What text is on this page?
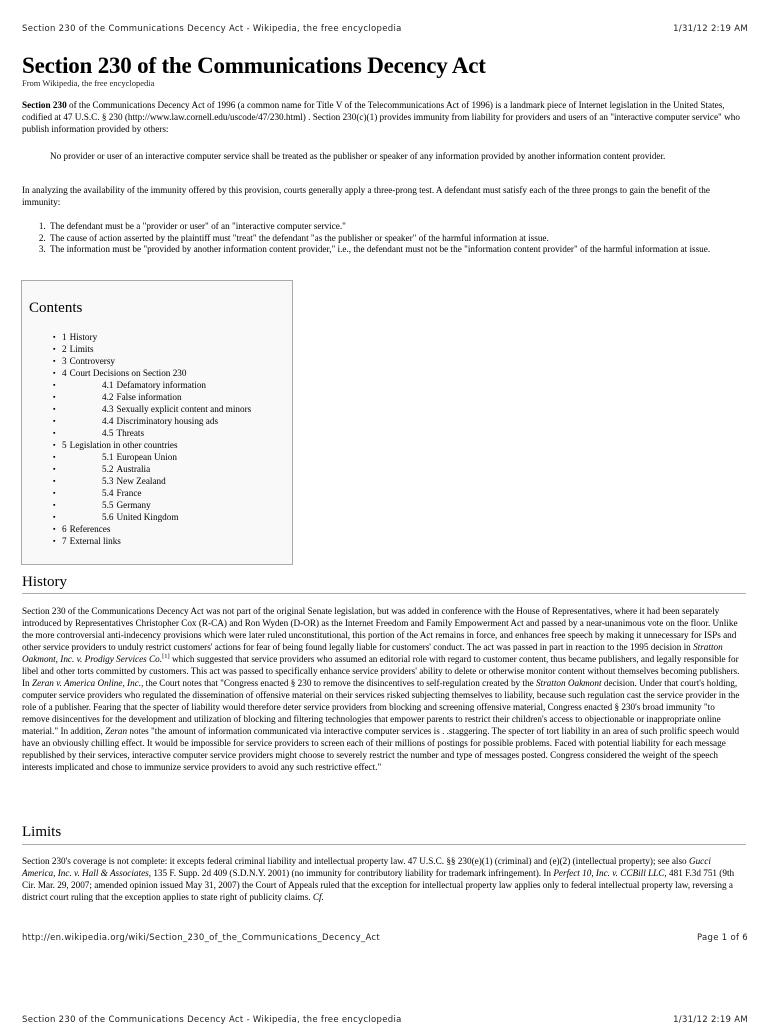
Section 230 of the Communications Decency Act - Wikipedia, the free encyclopedia	1/31/12 2:19 AM
Section 230 of the Communications Decency Act
From Wikipedia, the free encyclopedia

Section 230 of the Communications Decency Act of 1996 (a common name for Title V of the Telecommunications Act of 1996) is a landmark piece of Internet legislation in the United States, codified at 47 U.S.C. § 230 (http://www.law.cornell.edu/uscode/47/230.html) . Section 230(c)(1) provides immunity from liability for providers and users of an "interactive computer service" who publish information provided by others:

No provider or user of an interactive computer service shall be treated as the publisher or speaker of any information provided by another information content provider.
In analyzing the availability of the immunity offered by this provision, courts generally apply a three-prong test. A defendant must satisfy each of the three prongs to gain the benefit of the immunity:
1. The defendant must be a "provider or user" of an "interactive computer service."
2. The cause of action asserted by the plaintiff must "treat" the defendant "as the publisher or speaker" of the harmful information at issue.
3. The information must be "provided by another information content provider," i.e., the defendant must not be the "information content provider" of the harmful information at issue.
Contents
▪ 1 History
▪ 2 Limits
▪ 3 Controversy
▪ 4 Court Decisions on Section 230
▪ 4.1 Defamatory information
▪ 4.2 False information
▪ 4.3 Sexually explicit content and minors
▪ 4.4 Discriminatory housing ads
▪ 4.5 Threats
▪ 5 Legislation in other countries
▪ 5.1 European Union
▪ 5.2 Australia
▪ 5.3 New Zealand
▪ 5.4 France
▪ 5.5 Germany
▪ 5.6 United Kingdom
▪ 6 References
▪ 7 External links
History

Section 230 of the Communications Decency Act was not part of the original Senate legislation, but was added in conference with the House of Representatives, where it had been separately introduced by Representatives Christopher Cox (R-CA) and Ron Wyden (D-OR) as the Internet Freedom and Family Empowerment Act and passed by a near-unanimous vote on the floor. Unlike the more controversial anti-indecency provisions which were later ruled unconstitutional, this portion of the Act remains in force, and enhances free speech by making it unnecessary for ISPs and other service providers to unduly restrict customers' actions for fear of being found legally liable for customers' conduct. The act was passed in part in reaction to the 1995 decision in Stratton Oakmont, Inc. v. Prodigy Services Co.[1] which suggested that service providers who assumed an editorial role with regard to customer content, thus became publishers, and legally responsible for libel and other torts committed by customers. This act was passed to specifically enhance service providers' ability to delete or otherwise monitor content without themselves becoming publishers. In Zeran v. America Online, Inc., the Court notes that "Congress enacted § 230 to remove the disincentives to self-regulation created by the Stratton Oakmont decision. Under that court's holding, computer service providers who regulated the dissemination of offensive material on their services risked subjecting themselves to liability, because such regulation cast the service provider in the role of a publisher. Fearing that the specter of liability would therefore deter service providers from blocking and screening offensive material, Congress enacted § 230's broad immunity "to remove disincentives for the development and utilization of blocking and filtering technologies that empower parents to restrict their children's access to objectionable or inappropriate online material." In addition, Zeran notes "the amount of information communicated via interactive computer services is . .staggering. The specter of tort liability in an area of such prolific speech would have an obviously chilling effect. It would be impossible for service providers to screen each of their millions of postings for possible problems. Faced with potential liability for each message republished by their services, interactive computer service providers might choose to severely restrict the number and type of messages posted. Congress considered the weight of the speech interests implicated and chose to immunize service providers to avoid any such restrictive effect."

Limits

Section 230's coverage is not complete: it excepts federal criminal liability and intellectual property law. 47 U.S.C. §§ 230(e)(1) (criminal) and (e)(2) (intellectual property); see also Gucci America, Inc. v. Hall & Associates, 135 F. Supp. 2d 409 (S.D.N.Y. 2001) (no immunity for contributory liability for trademark infringement). In Perfect 10, Inc. v. CCBill LLC, 481 F.3d 751 (9th Cir. Mar. 29, 2007; amended opinion issued May 31, 2007) the Court of Appeals ruled that the exception for intellectual property law applies only to federal intellectual property law, reversing a district court ruling that the exception applies to state right of publicity claims. Cf.

http://en.wikipedia.org/wiki/Section_230_of_the_Communications_Decency_Act	Page 1 of 6
Section 230 of the Communications Decency Act - Wikipedia, the free encyclopedia	1/31/12 2:19 AM
